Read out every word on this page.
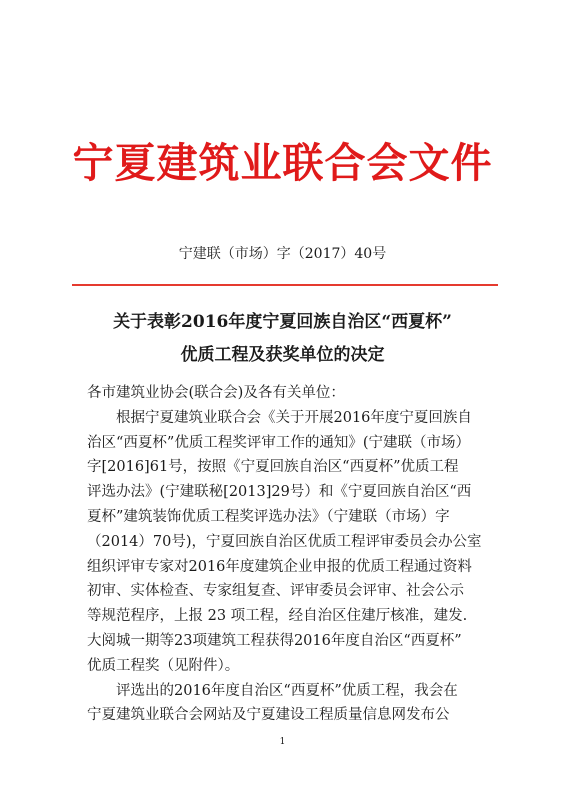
宁夏建筑业联合会文件
宁建联（市场）字（2017）40号
关于表彰2016年度宁夏回族自治区“西夏杯”
优质工程及获奖单位的决定

各市建筑业协会(联合会)及各有关单位：

根据宁夏建筑业联合会《关于开展2016年度宁夏回族自
治区“西夏杯”优质工程奖评审工作的通知》(宁建联（市场）
字[2016]61号，按照《宁夏回族自治区“西夏杯”优质工程
评选办法》(宁建联秘[2013]29号）和《宁夏回族自治区“西
夏杯”建筑装饰优质工程奖评选办法》（宁建联（市场）字
（2014）70号)，宁夏回族自治区优质工程评审委员会办公室
组织评审专家对2016年度建筑企业申报的优质工程通过资料
初审、实体检查、专家组复查、评审委员会评审、社会公示
等规范程序，上报 23 项工程，经自治区住建厅核准，建发.
大阅城一期等23项建筑工程获得2016年度自治区“西夏杯”
优质工程奖（见附件）。

评选出的2016年度自治区“西夏杯”优质工程，我会在
宁夏建筑业联合会网站及宁夏建设工程质量信息网发布公

1
